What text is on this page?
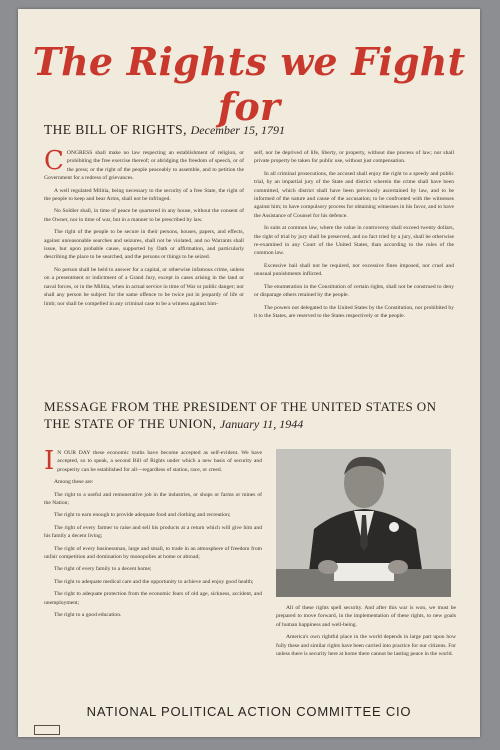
The Rights we Fight for
THE BILL OF RIGHTS, December 15, 1791

CONGRESS shall make no law respecting an establishment of religion, or prohibiting the free exercise thereof; or abridging the freedom of speech, or of the press; or the right of the people peaceably to assemble, and to petition the Government for a redress of grievances.

A well regulated Militia, being necessary to the security of a free State, the right of the people to keep and bear Arms, shall not be infringed.

No Soldier shall, in time of peace be quartered in any house, without the consent of the Owner, nor in time of war, but in a manner to be prescribed by law.

The right of the people to be secure in their persons, houses, papers, and effects, against unreasonable searches and seizures, shall not be violated, and no Warrants shall issue, but upon probable cause, supported by Oath or affirmation, and particularly describing the place to be searched, and the persons or things to be seized.

No person shall be held to answer for a capital, or otherwise infamous crime, unless on a presentment or indictment of a Grand Jury, except in cases arising in the land or naval forces, or in the Militia, when in actual service in time of War or public danger; nor shall any person be subject for the same offence to be twice put in jeopardy of life or limb; nor shall be compelled in any criminal case to be a witness against him-

self, nor be deprived of life, liberty, or property, without due process of law; nor shall private property be taken for public use, without just compensation.

In all criminal prosecutions, the accused shall enjoy the right to a speedy and public trial, by an impartial jury of the State and district wherein the crime shall have been committed, which district shall have been previously ascertained by law, and to be informed of the nature and cause of the accusation; to be confronted with the witnesses against him; to have compulsory process for obtaining witnesses in his favor, and to have the Assistance of Counsel for his defence.

In suits at common law, where the value in controversy shall exceed twenty dollars, the right of trial by jury shall be preserved, and no fact tried by a jury, shall be otherwise re-examined in any Court of the United States, than according to the rules of the common law.

Excessive bail shall not be required, nor excessive fines imposed, nor cruel and unusual punishments inflicted.

The enumeration in the Constitution of certain rights, shall not be construed to deny or disparage others retained by the people.

The powers not delegated to the United States by the Constitution, nor prohibited by it to the States, are reserved to the States respectively or the people.

MESSAGE FROM THE PRESIDENT OF THE UNITED STATES ON THE STATE OF THE UNION, January 11, 1944

I N OUR DAY these economic truths have become accepted as self-evident. We have accepted, so to speak, a second Bill of Rights under which a new basis of security and prosperity can be established for all—regardless of station, race, or creed.

Among these are:

The right to a useful and remunerative job in the industries, or shops or farms or mines of the Nation;

The right to earn enough to provide adequate food and clothing and recreation;

The right of every farmer to raise and sell his products at a return which will give him and his family a decent living;

The right of every businessman, large and small, to trade in an atmosphere of freedom from unfair competition and domination by monopolies at home or abroad;

The right of every family to a decent home;

The right to adequate medical care and the opportunity to achieve and enjoy good health;

The right to adequate protection from the economic fears of old age, sickness, accident, and unemployment;

The right to a good education.

All of these rights spell security. And after this war is won, we must be prepared to move forward, in the implementation of these rights, to new goals of human happiness and well-being.

America's own rightful place in the world depends in large part upon how fully these and similar rights have been carried into practice for our citizens. For unless there is security here at home there cannot be lasting peace in the world.

NATIONAL POLITICAL ACTION COMMITTEE CIO
